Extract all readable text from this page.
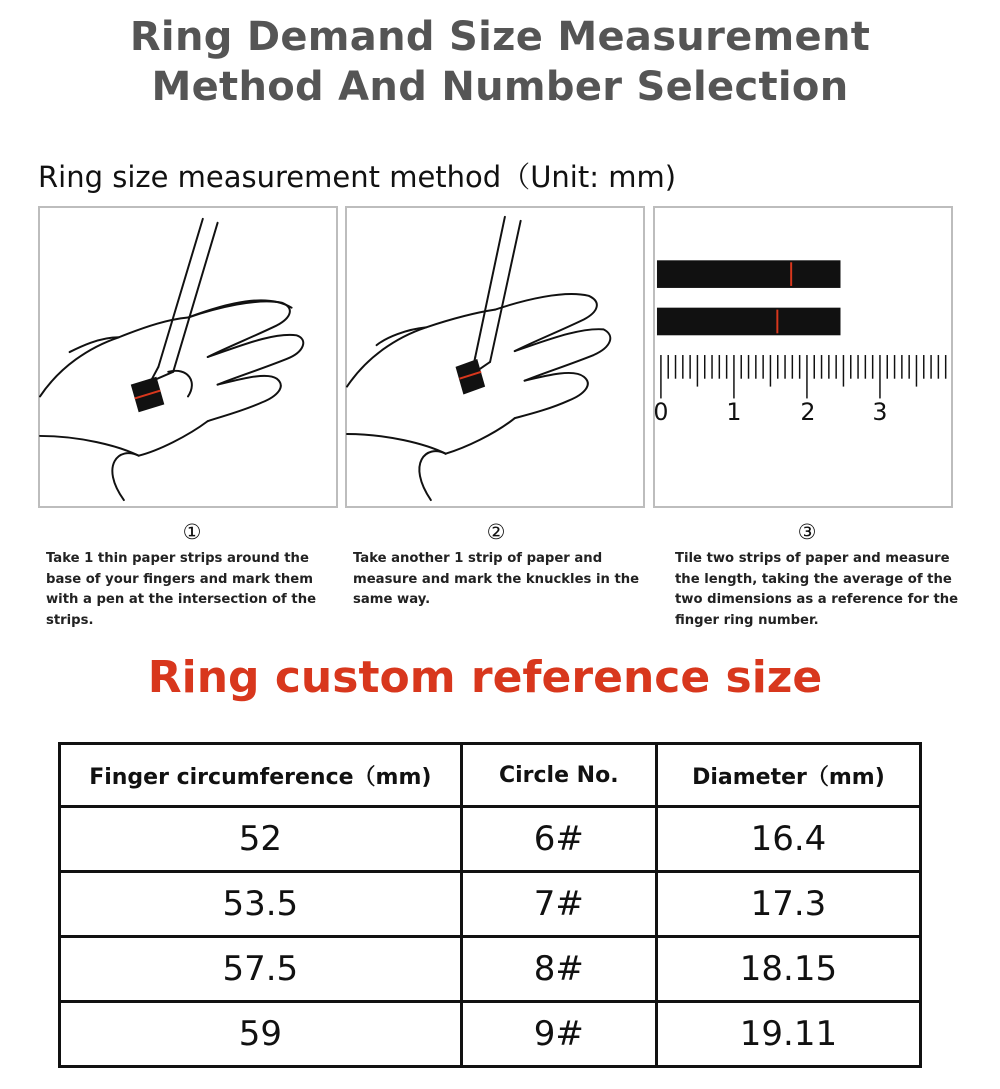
Ring Demand Size Measurement
Method And Number Selection
Ring size measurement method（Unit: mm)
0 1 2 3
①	②	③
Take 1 thin paper strips around the base of your fingers and mark them with a pen at the intersection of the strips.
Take another 1 strip of paper and measure and mark the knuckles in the same way.
Tile two strips of paper and measure the length, taking the average of the two dimensions as a reference for the finger ring number.
Ring custom reference size
Finger circumference（mm)	Circle No.	Diameter（mm)
52	6#	16.4
53.5	7#	17.3
57.5	8#	18.15
59	9#	19.11
